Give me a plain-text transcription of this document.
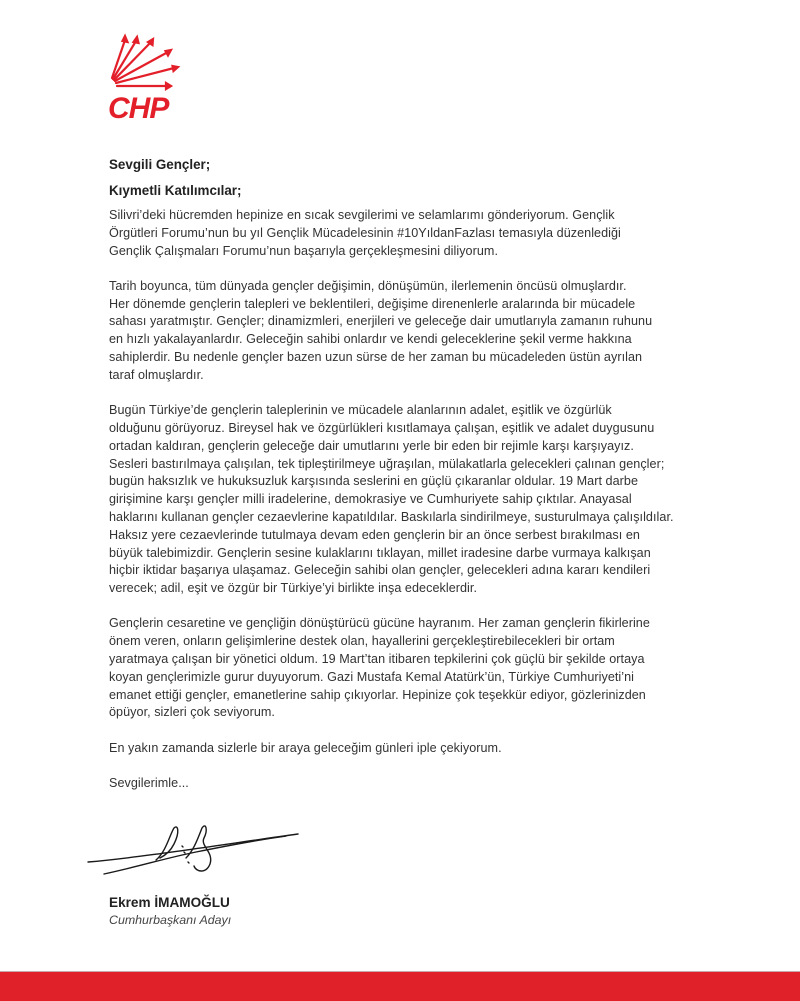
CHP

Sevgili Gençler;

Kıymetli Katılımcılar;

Silivri’deki hücremden hepinize en sıcak sevgilerimi ve selamlarımı gönderiyorum. Gençlik
Örgütleri Forumu’nun bu yıl Gençlik Mücadelesinin #10YıldanFazlası temasıyla düzenlediği
Gençlik Çalışmaları Forumu’nun başarıyla gerçekleşmesini diliyorum.
Tarih boyunca, tüm dünyada gençler değişimin, dönüşümün, ilerlemenin öncüsü olmuşlardır.
Her dönemde gençlerin talepleri ve beklentileri, değişime direnenlerle aralarında bir mücadele
sahası yaratmıştır. Gençler; dinamizmleri, enerjileri ve geleceğe dair umutlarıyla zamanın ruhunu
en hızlı yakalayanlardır. Geleceğin sahibi onlardır ve kendi geleceklerine şekil verme hakkına
sahiplerdir. Bu nedenle gençler bazen uzun sürse de her zaman bu mücadeleden üstün ayrılan
taraf olmuşlardır.
Bugün Türkiye’de gençlerin taleplerinin ve mücadele alanlarının adalet, eşitlik ve özgürlük
olduğunu görüyoruz. Bireysel hak ve özgürlükleri kısıtlamaya çalışan, eşitlik ve adalet duygusunu
ortadan kaldıran, gençlerin geleceğe dair umutlarını yerle bir eden bir rejimle karşı karşıyayız.
Sesleri bastırılmaya çalışılan, tek tipleştirilmeye uğraşılan, mülakatlarla gelecekleri çalınan gençler;
bugün haksızlık ve hukuksuzluk karşısında seslerini en güçlü çıkaranlar oldular. 19 Mart darbe
girişimine karşı gençler milli iradelerine, demokrasiye ve Cumhuriyete sahip çıktılar. Anayasal
haklarını kullanan gençler cezaevlerine kapatıldılar. Baskılarla sindirilmeye, susturulmaya çalışıldılar.
Haksız yere cezaevlerinde tutulmaya devam eden gençlerin bir an önce serbest bırakılması en
büyük talebimizdir. Gençlerin sesine kulaklarını tıklayan, millet iradesine darbe vurmaya kalkışan
hiçbir iktidar başarıya ulaşamaz. Geleceğin sahibi olan gençler, gelecekleri adına kararı kendileri
verecek; adil, eşit ve özgür bir Türkiye’yi birlikte inşa edeceklerdir.
Gençlerin cesaretine ve gençliğin dönüştürücü gücüne hayranım. Her zaman gençlerin fikirlerine
önem veren, onların gelişimlerine destek olan, hayallerini gerçekleştirebilecekleri bir ortam
yaratmaya çalışan bir yönetici oldum. 19 Mart’tan itibaren tepkilerini çok güçlü bir şekilde ortaya
koyan gençlerimizle gurur duyuyorum. Gazi Mustafa Kemal Atatürk’ün, Türkiye Cumhuriyeti’ni
emanet ettiği gençler, emanetlerine sahip çıkıyorlar. Hepinize çok teşekkür ediyor, gözlerinizden
öpüyor, sizleri çok seviyorum.
En yakın zamanda sizlerle bir araya geleceğim günleri iple çekiyorum.
Sevgilerimle...
Ekrem İMAMOĞLU
Cumhurbaşkanı Adayı
